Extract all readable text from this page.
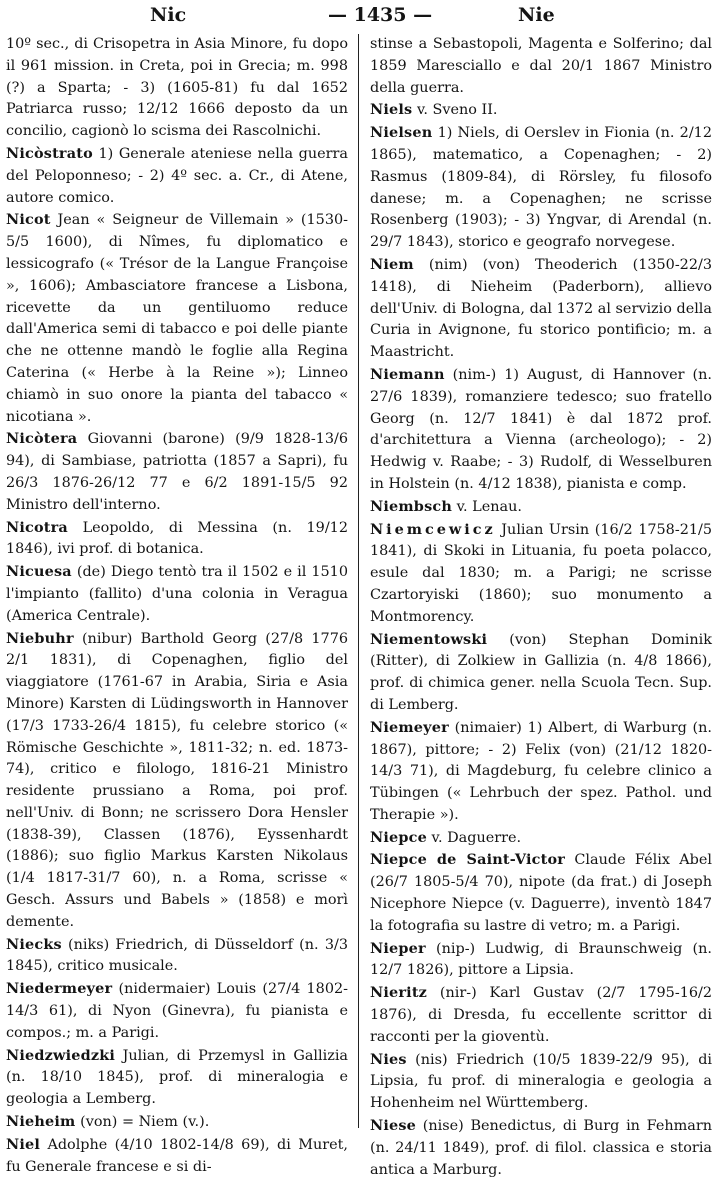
Nic	— 1435 —	Nie

10º sec., di Crisopetra in Asia Minore, fu dopo il 961 mission. in Creta, poi in Grecia; m. 998 (?) a Sparta; - 3) (1605-81) fu dal 1652 Patriarca russo; 12/12 1666 deposto da un concilio, cagionò lo scisma dei Rascolnichi.

Nicòstrato 1) Generale ateniese nella guerra del Peloponneso; - 2) 4º sec. a. Cr., di Atene, autore comico.

Nicot Jean « Seigneur de Villemain » (1530-5/5 1600), di Nîmes, fu diplomatico e lessicografo (« Trésor de la Langue Françoise », 1606); Ambasciatore francese a Lisbona, ricevette da un gentiluomo reduce dall'America semi di tabacco e poi delle piante che ne ottenne mandò le foglie alla Regina Caterina (« Herbe à la Reine »); Linneo chiamò in suo onore la pianta del tabacco « nicotiana ».

Nicòtera Giovanni (barone) (9/9 1828-13/6 94), di Sambiase, patriotta (1857 a Sapri), fu 26/3 1876-26/12 77 e 6/2 1891-15/5 92 Ministro dell'interno.

Nicotra Leopoldo, di Messina (n. 19/12 1846), ivi prof. di botanica.

Nicuesa (de) Diego tentò tra il 1502 e il 1510 l'impianto (fallito) d'una colonia in Veragua (America Centrale).

Niebuhr (nibur) Barthold Georg (27/8 1776 2/1 1831), di Copenaghen, figlio del viaggiatore (1761-67 in Arabia, Siria e Asia Minore) Karsten di Lüdingsworth in Hannover (17/3 1733-26/4 1815), fu celebre storico (« Römische Geschichte », 1811-32; n. ed. 1873-74), critico e filologo, 1816-21 Ministro residente prussiano a Roma, poi prof. nell'Univ. di Bonn; ne scrissero Dora Hensler (1838-39), Classen (1876), Eyssenhardt (1886); suo figlio Markus Karsten Nikolaus (1/4 1817-31/7 60), n. a Roma, scrisse « Gesch. Assurs und Babels » (1858) e morì demente.

Niecks (niks) Friedrich, di Düsseldorf (n. 3/3 1845), critico musicale.

Niedermeyer (nidermaier) Louis (27/4 1802-14/3 61), di Nyon (Ginevra), fu pianista e compos.; m. a Parigi.

Niedzwiedzki Julian, di Przemysl in Gallizia (n. 18/10 1845), prof. di mineralogia e geologia a Lemberg.

Nieheim (von) = Niem (v.).

Niel Adolphe (4/10 1802-14/8 69), di Muret, fu Generale francese e si di-

stinse a Sebastopoli, Magenta e Solferino; dal 1859 Maresciallo e dal 20/1 1867 Ministro della guerra.

Niels v. Sveno II.

Nielsen 1) Niels, di Oerslev in Fionia (n. 2/12 1865), matematico, a Copenaghen; - 2) Rasmus (1809-84), di Rörsley, fu filosofo danese; m. a Copenaghen; ne scrisse Rosenberg (1903); - 3) Yngvar, di Arendal (n. 29/7 1843), storico e geografo norvegese.

Niem (nim) (von) Theoderich (1350-22/3 1418), di Nieheim (Paderborn), allievo dell'Univ. di Bologna, dal 1372 al servizio della Curia in Avignone, fu storico pontificio; m. a Maastricht.

Niemann (nim-) 1) August, di Hannover (n. 27/6 1839), romanziere tedesco; suo fratello Georg (n. 12/7 1841) è dal 1872 prof. d'architettura a Vienna (archeologo); - 2) Hedwig v. Raabe; - 3) Rudolf, di Wesselburen in Holstein (n. 4/12 1838), pianista e comp.

Niembsch v. Lenau.

Niemcewicz Julian Ursin (16/2 1758-21/5 1841), di Skoki in Lituania, fu poeta polacco, esule dal 1830; m. a Parigi; ne scrisse Czartoryiski (1860); suo monumento a Montmorency.

Niementowski (von) Stephan Dominik (Ritter), di Zolkiew in Gallizia (n. 4/8 1866), prof. di chimica gener. nella Scuola Tecn. Sup. di Lemberg.

Niemeyer (nimaier) 1) Albert, di Warburg (n. 1867), pittore; - 2) Felix (von) (21/12 1820-14/3 71), di Magdeburg, fu celebre clinico a Tübingen (« Lehrbuch der spez. Pathol. und Therapie »).

Niepce v. Daguerre.

Niepce de Saint-Victor Claude Félix Abel (26/7 1805-5/4 70), nipote (da frat.) di Joseph Nicephore Niepce (v. Daguerre), inventò 1847 la fotografia su lastre di vetro; m. a Parigi.

Nieper (nip-) Ludwig, di Braunschweig (n. 12/7 1826), pittore a Lipsia.

Nieritz (nir-) Karl Gustav (2/7 1795-16/2 1876), di Dresda, fu eccellente scrittor di racconti per la gioventù.

Nies (nis) Friedrich (10/5 1839-22/9 95), di Lipsia, fu prof. di mineralogia e geologia a Hohenheim nel Württemberg.

Niese (nise) Benedictus, di Burg in Fehmarn (n. 24/11 1849), prof. di filol. classica e storia antica a Marburg.
